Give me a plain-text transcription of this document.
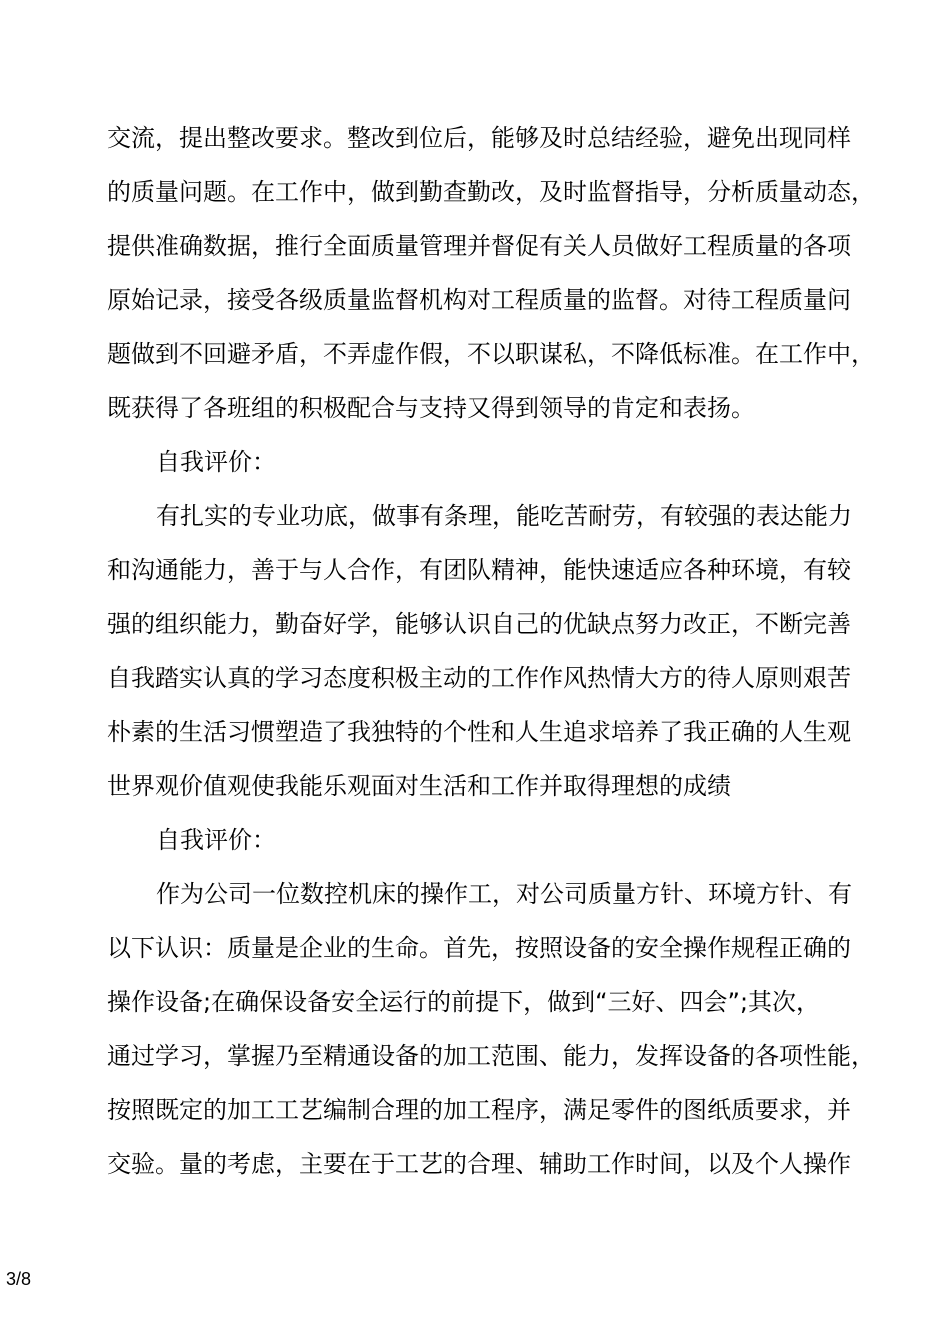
交流，提出整改要求。整改到位后，能够及时总结经验，避免出现同样
的质量问题。在工作中，做到勤查勤改，及时监督指导，分析质量动态，
提供准确数据，推行全面质量管理并督促有关人员做好工程质量的各项
原始记录，接受各级质量监督机构对工程质量的监督。对待工程质量问
题做到不回避矛盾，不弄虚作假，不以职谋私，不降低标准。在工作中，
既获得了各班组的积极配合与支持又得到领导的肯定和表扬。
自我评价：
有扎实的专业功底，做事有条理，能吃苦耐劳，有较强的表达能力
和沟通能力，善于与人合作，有团队精神，能快速适应各种环境，有较
强的组织能力，勤奋好学，能够认识自己的优缺点努力改正，不断完善
自我踏实认真的学习态度积极主动的工作作风热情大方的待人原则艰苦
朴素的生活习惯塑造了我独特的个性和人生追求培养了我正确的人生观
世界观价值观使我能乐观面对生活和工作并取得理想的成绩
自我评价：
作为公司一位数控机床的操作工，对公司质量方针、环境方针、有
以下认识：质量是企业的生命。首先，按照设备的安全操作规程正确的
操作设备;在确保设备安全运行的前提下，做到“三好、四会”;其次，
通过学习，掌握乃至精通设备的加工范围、能力，发挥设备的各项性能，
按照既定的加工工艺编制合理的加工程序，满足零件的图纸质要求，并
交验。量的考虑，主要在于工艺的合理、辅助工作时间，以及个人操作
3/8
